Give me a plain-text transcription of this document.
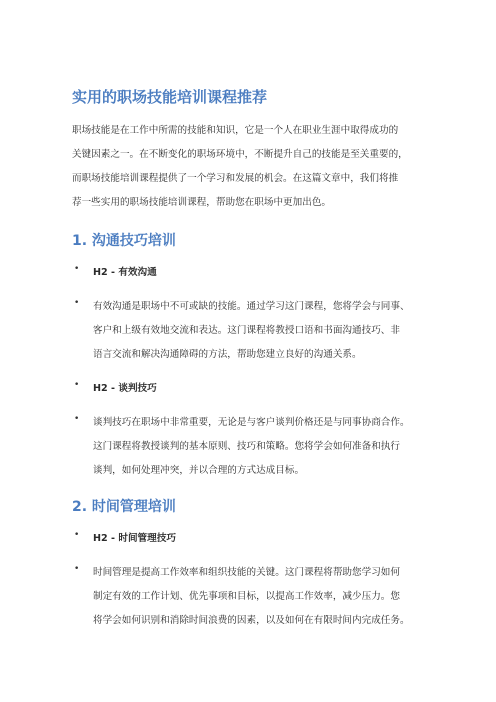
实用的职场技能培训课程推荐
职场技能是在工作中所需的技能和知识，它是一个人在职业生涯中取得成功的
关键因素之一。在不断变化的职场环境中，不断提升自己的技能是至关重要的，
而职场技能培训课程提供了一个学习和发展的机会。在这篇文章中，我们将推
荐一些实用的职场技能培训课程，帮助您在职场中更加出色。
1. 沟通技巧培训
• H2 - 有效沟通
• 有效沟通是职场中不可或缺的技能。通过学习这门课程，您将学会与同事、
客户和上级有效地交流和表达。这门课程将教授口语和书面沟通技巧、非
语言交流和解决沟通障碍的方法，帮助您建立良好的沟通关系。
• H2 - 谈判技巧
• 谈判技巧在职场中非常重要，无论是与客户谈判价格还是与同事协商合作。
这门课程将教授谈判的基本原则、技巧和策略。您将学会如何准备和执行
谈判，如何处理冲突，并以合理的方式达成目标。
2. 时间管理培训
• H2 - 时间管理技巧
• 时间管理是提高工作效率和组织技能的关键。这门课程将帮助您学习如何
制定有效的工作计划、优先事项和目标，以提高工作效率，减少压力。您
将学会如何识别和消除时间浪费的因素，以及如何在有限时间内完成任务。
